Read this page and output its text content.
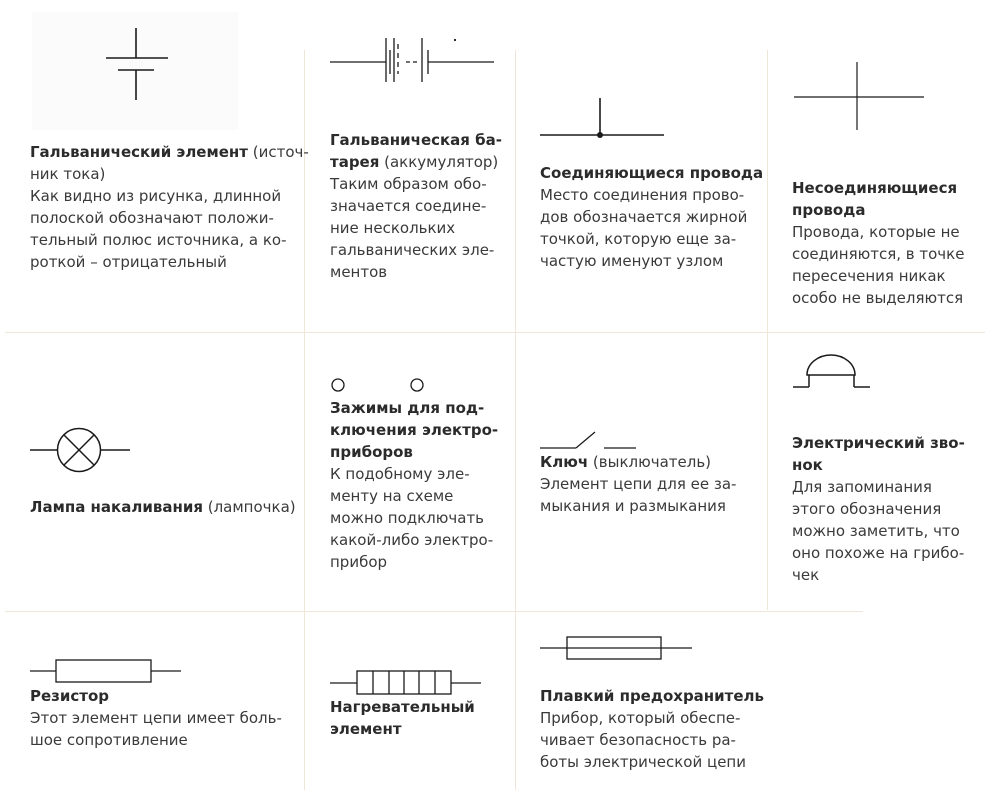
Гальванический элемент (источ-
ник тока)
Как видно из рисунка, длинной
полоской обозначают положи-
тельный полюс источника, а ко-
роткой – отрицательный
Гальваническая ба-
тарея (аккумулятор)
Таким образом обо-
значается соедине-
ние нескольких
гальванических эле-
ментов
Соединяющиеся провода
Место соединения прово-
дов обозначается жирной
точкой, которую еще за-
частую именуют узлом
Несоединяющиеся
провода
Провода, которые не
соединяются, в точке
пересечения никак
особо не выделяются
Лампа накаливания (лампочка)
Зажимы для под-
ключения электро-
приборов
К подобному эле-
менту на схеме
можно подключать
какой-либо электро-
прибор
Ключ (выключатель)
Элемент цепи для ее за-
мыкания и размыкания
Электрический зво-
нок
Для запоминания
этого обозначения
можно заметить, что
оно похоже на грибо-
чек
Резистор
Этот элемент цепи имеет боль-
шое сопротивление
Нагревательный
элемент
Плавкий предохранитель
Прибор, который обеспе-
чивает безопасность ра-
боты электрической цепи
